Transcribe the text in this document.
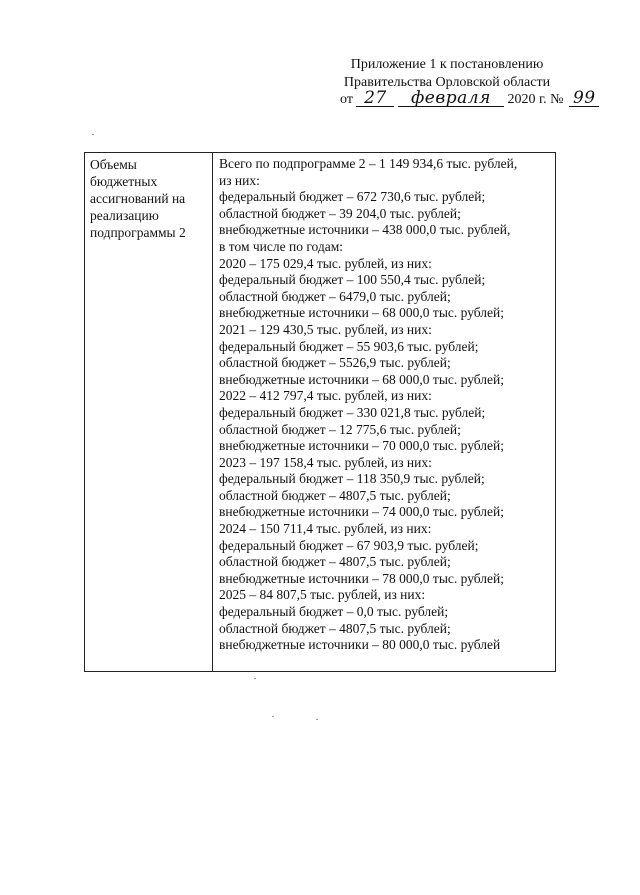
Приложение 1 к постановлению
Правительства Орловской области
от 27 февраля 2020 г. № 99
Объемы
бюджетных
ассигнований на
реализацию
подпрограммы 2
Всего по подпрограмме 2 – 1 149 934,6 тыс. рублей,
из них:
федеральный бюджет – 672 730,6 тыс. рублей;
областной бюджет – 39 204,0 тыс. рублей;
внебюджетные источники – 438 000,0 тыс. рублей,
в том числе по годам:
2020 – 175 029,4 тыс. рублей, из них:
федеральный бюджет – 100 550,4 тыс. рублей;
областной бюджет – 6479,0 тыс. рублей;
внебюджетные источники – 68 000,0 тыс. рублей;
2021 – 129 430,5 тыс. рублей, из них:
федеральный бюджет – 55 903,6 тыс. рублей;
областной бюджет – 5526,9 тыс. рублей;
внебюджетные источники – 68 000,0 тыс. рублей;
2022 – 412 797,4 тыс. рублей, из них:
федеральный бюджет – 330 021,8 тыс. рублей;
областной бюджет – 12 775,6 тыс. рублей;
внебюджетные источники – 70 000,0 тыс. рублей;
2023 – 197 158,4 тыс. рублей, из них:
федеральный бюджет – 118 350,9 тыс. рублей;
областной бюджет – 4807,5 тыс. рублей;
внебюджетные источники – 74 000,0 тыс. рублей;
2024 – 150 711,4 тыс. рублей, из них:
федеральный бюджет – 67 903,9 тыс. рублей;
областной бюджет – 4807,5 тыс. рублей;
внебюджетные источники – 78 000,0 тыс. рублей;
2025 – 84 807,5 тыс. рублей, из них:
федеральный бюджет – 0,0 тыс. рублей;
областной бюджет – 4807,5 тыс. рублей;
внебюджетные источники – 80 000,0 тыс. рублей
